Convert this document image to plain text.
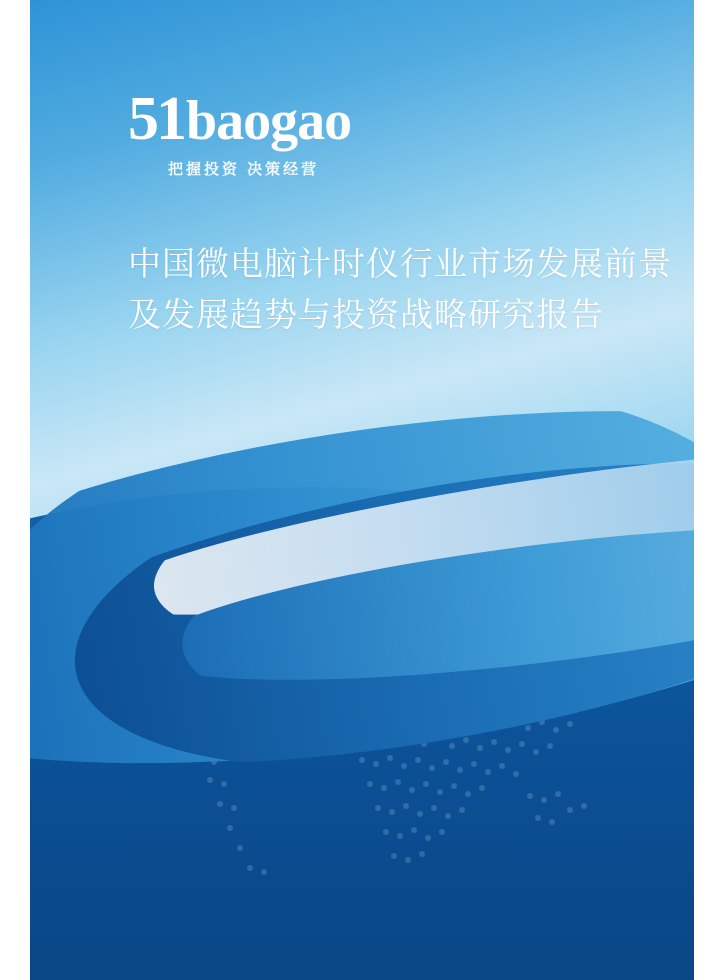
51 baogao
把握投资 决策经营
中国微电脑计时仪行业市场发展前景及发展趋势与投资战略研究报告
